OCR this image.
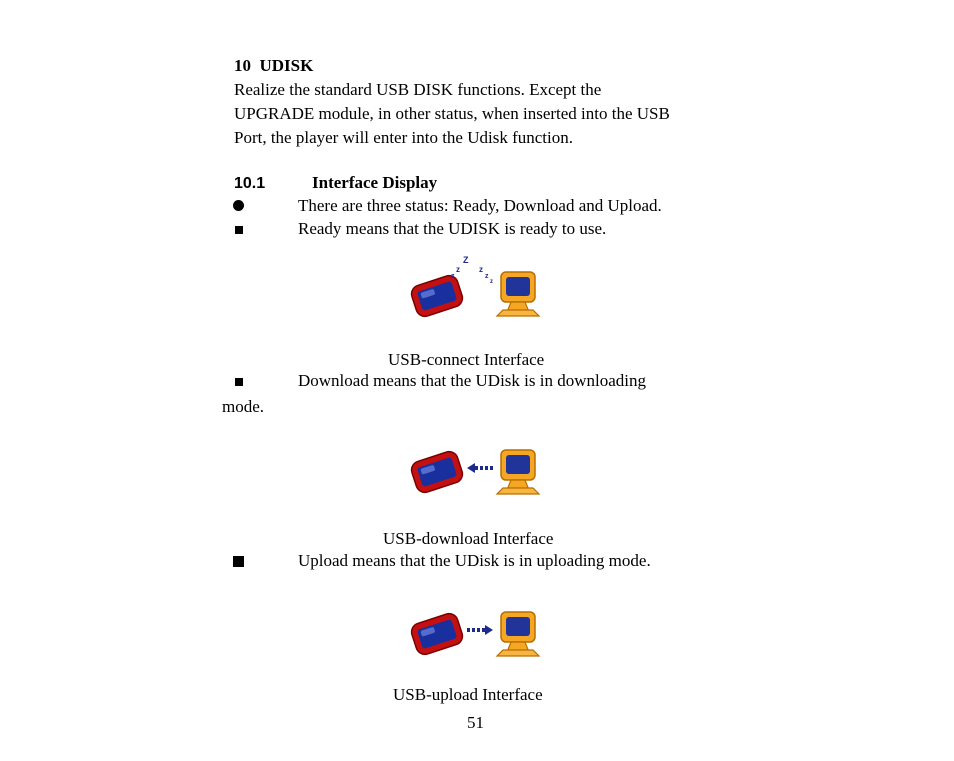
10 UDISK
Realize the standard USB DISK functions. Except the
UPGRADE module, in other status, when inserted into the USB
Port, the player will enter into the Udisk function.
10.1	Interface Display
There are three status: Ready, Download and Upload.
Ready means that the UDISK is ready to use.
z
z
Z
z
z
z
USB-connect Interface
Download means that the UDisk is in downloading
mode.
USB-download Interface
Upload means that the UDisk is in uploading mode.
USB-upload Interface
51
